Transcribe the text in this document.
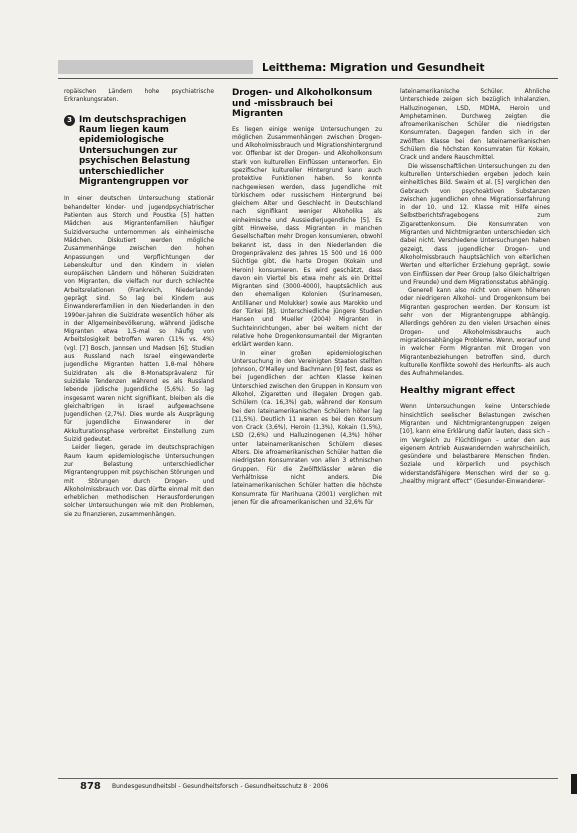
Leitthema: Migration und Gesundheit

ropäischen Ländern hohe psychiatrische Erkrankungsraten.

3 Im deutschsprachigen Raum liegen kaum epidemiologische Untersuchungen zur psychischen Belastung unterschiedlicher Migrantengruppen vor

In einer deutschen Untersuchung stationär behandelter kinder- und jugendpsychiatrischer Patienten aus Storch und Poustka [5] hatten Mädchen aus Migrantenfamilien häufiger Suizidversuche unternommen als einheimische Mädchen. Diskutiert werden mögliche Zusammenhänge zwischen den hohen Anpassungen und Verpflichtungen der Lebenskultur und den Kindern in vielen europäischen Ländern und höheren Suizidraten von Migranten, die vielfach nur durch schlechte Arbeitsrelationen (Frankreich, Niederlande) geprägt sind. So lag bei Kindern aus Einwandererfamilien in den Niederlanden in den 1990er-Jahren die Suizidrate wesentlich höher als in der Allgemeinbevölkerung, während jüdische Migranten etwa 1,5-mal so häufig von Arbeitslosigkeit betroffen waren (11% vs. 4%) (vgl. [7] Bosch, Jannsen und Madsen [6]; Studien aus Russland nach Israel eingewanderte jugendliche Migranten hatten 1,8-mal höhere Suizidraten als die 8-Monatsprävalenz für suizidale Tendenzen während es als Russland lebende jüdische Jugendliche (5,6%). So lag insgesamt waren nicht signifikant, bleiben als die gleichaltrigen in Israel aufgewachsene Jugendlichen (2,7%). Dies wurde als Ausprägung für jugendliche Einwanderer in der Akkulturationsphase verbreitet Einstellung zum Suizid gedeutet.

Leider liegen, gerade im deutschsprachigen Raum kaum epidemiologische Untersuchungen zur Belastung unterschiedlicher Migrantengruppen mit psychischen Störungen und mit Störungen durch Drogen- und Alkoholmissbrauch vor. Das dürfte einmal mit den erheblichen methodischen Herausforderungen solcher Untersuchungen wie mit den Problemen, sie zu finanzieren, zusammenhängen.

Drogen- und Alkoholkonsum und -missbrauch bei Migranten

Es liegen einige wenige Untersuchungen zu möglichen Zusammenhängen zwischen Drogen- und Alkoholmissbrauch und Migrationshintergrund vor. Offenbar ist der Drogen- und Alkoholkonsum stark von kulturellen Einflüssen unterworfen. Ein spezifischer kultureller Hintergrund kann auch protektive Funktionen haben. So konnte nachgewiesen werden, dass Jugendliche mit türkischem oder russischem Hintergrund bei gleichem Alter und Geschlecht in Deutschland nach signifikant weniger Alkoholika als einheimische und Aussiedlerjugendliche [5]. Es gibt Hinweise, dass Migranten in manchen Gesellschaften mehr Drogen konsumieren, obwohl bekannt ist, dass in den Niederlanden die Drogenprävalenz des Jahres 15 500 und 16 000 Süchtige gibt, die harte Drogen (Kokain und Heroin) konsumieren. Es wird geschätzt, dass davon ein Viertel bis etwa mehr als ein Drittel Migranten sind (3000-4000), hauptsächlich aus den ehemaligen Kolonien (Surinamesen, Antillianer und Molukker) sowie aus Marokko und der Türkei [8]. Unterschiedliche jüngere Studien Hansen und Mueller (2004) Migranten in Suchteinrichtungen, aber bei weitem nicht der relative hohe Drogenkonsumanteil der Migranten erklärt werden kann.

In einer großen epidemiologischen Untersuchung in den Vereinigten Staaten stellten Johnson, O'Malley und Bachmann [9] fest, dass es bei Jugendlichen der achten Klasse keinen Unterschied zwischen den Gruppen in Konsum von Alkohol, Zigaretten und illegalen Drogen gab. Schülern (ca. 16,3%) gab, während der Konsum bei den lateinamerikanischen Schülern höher lag (11,5%). Deutlich 11 waren es bei den Konsum von Crack (3,6%), Heroin (1,3%), Kokain (1,5%), LSD (2,6%) und Halluzinogenen (4,3%) höher unter lateinamerikanischen Schülern dieses Alters. Die afroamerikanischen Schüler hatten die niedrigsten Konsumraten von allen 3 ethnischen Gruppen. Für die Zwölftklässler wären die Verhältnisse nicht anders. Die lateinamerikanischen Schüler hatten die höchste Konsumrate für Marihuana (2001) verglichen mit jenen für die afroamerikanischen und 32,6% für

lateinamerikanische Schüler. Ähnliche Unterschiede zeigen sich bezüglich Inhalanzien, Halluzinogenen, LSD, MDMA, Heroin und Amphetaminen. Durchweg zeigten die afroamerikanischen Schüler die niedrigsten Konsumraten. Dagegen fanden sich in der zwölften Klasse bei den lateinamerikanischen Schülern die höchsten Konsumraten für Kokain, Crack und andere Rauschmittel.

Die wissenschaftlichen Untersuchungen zu den kulturellen Unterschieden ergeben jedoch kein einheitliches Bild. Swaim et al. [5] verglichen den Gebrauch von psychoaktiven Substanzen zwischen jugendlichen ohne Migrationserfahrung in der 10. und 12. Klasse mit Hilfe eines Selbstberichtsfragebogens zum Zigarettenkonsum. Die Konsumraten von Migranten und Nichtmigranten unterschieden sich dabei nicht. Verschiedene Untersuchungen haben gezeigt, dass jugendlicher Drogen- und Alkoholmissbrauch hauptsächlich von elterlichen Werten und elterlicher Erziehung geprägt, sowie von Einflüssen der Peer Group (also Gleichaltrigen und Freunde) und dem Migrationsstatus abhängig.

Generell kann also nicht von einem höheren oder niedrigeren Alkohol- und Drogenkonsum bei Migranten gesprochen werden. Der Konsum ist sehr von der Migrantengruppe abhängig. Allerdings gehören zu den vielen Ursachen eines Drogen- und Alkoholmissbrauchs auch migrationsabhängige Probleme. Wenn, worauf und in welcher Form Migranten mit Drogen von Migrantenbeziehungen betroffen sind, durch kulturelle Konflikte sowohl des Herkunfts- als auch des Aufnahmelandes.

Healthy migrant effect

Wenn Untersuchungen keine Unterschiede hinsichtlich seelischer Belastungen zwischen Migranten und Nichtmigrantengruppen zeigen [10], kann eine Erklärung dafür lauten, dass sich – im Vergleich zu Flüchtlingen – unter den aus eigenem Antrieb Auswandernden wahrscheinlich, gesündere und belastbarere Menschen finden. Soziale und körperlich und psychisch widerstandsfähigere Menschen wird der so g. „healthy migrant effect“ (Gesunder-Einwanderer-

878 Bundesgesundheitsbl - Gesundheitsforsch - Gesundheitsschutz 8 · 2006
